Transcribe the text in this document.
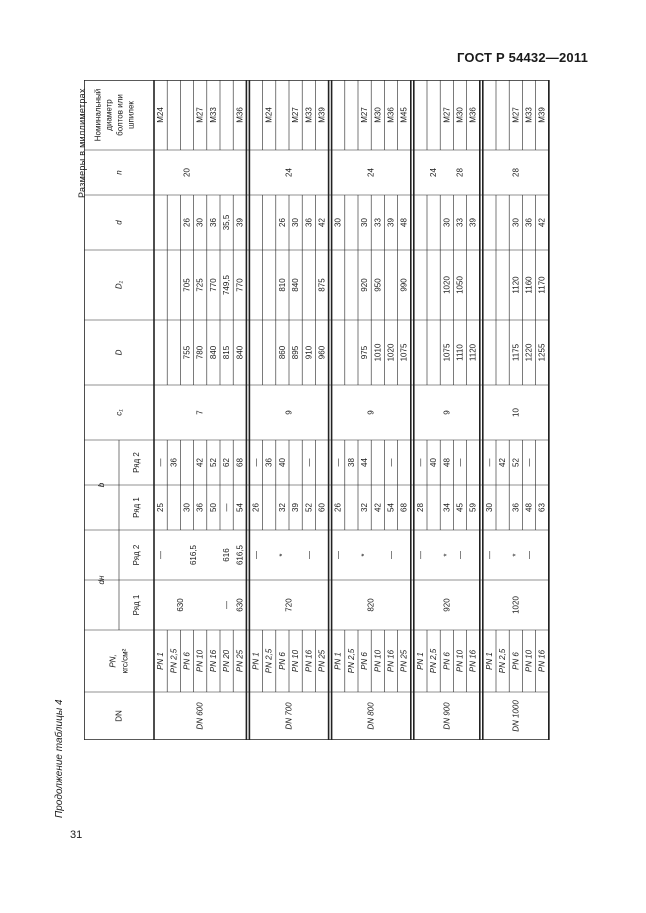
ГОСТ Р 54432—2011
Продолжение таблицы 4
Размеры в миллиметрах
31
DN
PN, кгс/см²
dн
Ряд 1
Ряд 2
b
Ряд 1
Ряд 2
c₁
D
D₁
d
n
Номинальный диаметр болтов или шпилек
DN 600
PN 1
25
—
M24
PN 2,5
36
PN 6
30
705
755
26
PN 10
36
42
780
725
30
M27
PN 16
50
52
840
770
36
M33
PN 20
—
616
—
62
815
749,5
35,5
PN 25
630
616,5
54
68
840
770
39
M36
630
616,5
—
7
20
DN 700
PN 1
—
26
—
PN 2,5
36
M24
PN 6
*
32
40
860
810
26
PN 10
39
895
840
30
M27
PN 16
—
52
—
910
36
M33
PN 25
60
960
875
42
M39
720
9
24
DN 800
PN 1
—
26
—
30
PN 2,5
38
PN 6
*
32
44
975
920
30
M27
PN 10
42
1010
950
33
M30
PN 16
—
54
—
1020
39
M36
PN 25
68
1075
990
48
M45
820
9
24
DN 900
PN 1
—
28
—
PN 2,5
40
PN 6
*
34
48
1075
1020
30
M27
PN 10
—
45
—
1110
1050
33
M30
PN 16
59
1120
39
M36
920
9
24 28
DN 1000
PN 1
—
30
—
PN 2,5
42
PN 6
*
36
52
1175
1120
30
M27
PN 10
—
48
—
1220
1160
36
M33
PN 16
63
1255
1170
42
M39
1020
10
28
